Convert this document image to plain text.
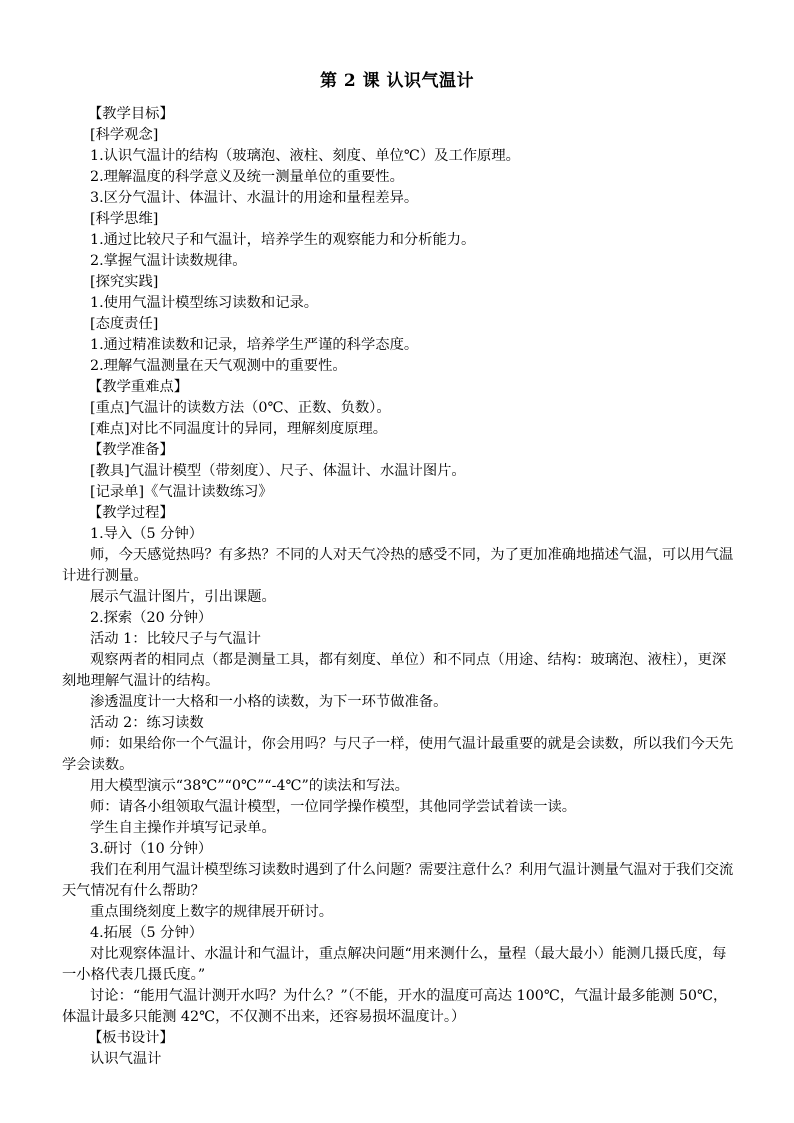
第 2 课 认识气温计
【教学目标】
[科学观念]
1.认识气温计的结构（玻璃泡、液柱、刻度、单位℃）及工作原理。
2.理解温度的科学意义及统一测量单位的重要性。
3.区分气温计、体温计、水温计的用途和量程差异。
[科学思维]
1.通过比较尺子和气温计，培养学生的观察能力和分析能力。
2.掌握气温计读数规律。
[探究实践]
1.使用气温计模型练习读数和记录。
[态度责任]
1.通过精准读数和记录，培养学生严谨的科学态度。
2.理解气温测量在天气观测中的重要性。
【教学重难点】
[重点]气温计的读数方法（0℃、正数、负数）。
[难点]对比不同温度计的异同，理解刻度原理。
【教学准备】
[教具]气温计模型（带刻度）、尺子、体温计、水温计图片。
[记录单]《气温计读数练习》
【教学过程】
1.导入（5 分钟）
师，今天感觉热吗？有多热？不同的人对天气冷热的感受不同，为了更加准确地描述气温，可以用气温计进行测量。
展示气温计图片，引出课题。
2.探索（20 分钟）
活动 1：比较尺子与气温计
观察两者的相同点（都是测量工具，都有刻度、单位）和不同点（用途、结构：玻璃泡、液柱），更深刻地理解气温计的结构。
渗透温度计一大格和一小格的读数，为下一环节做准备。
活动 2：练习读数
师：如果给你一个气温计，你会用吗？与尺子一样，使用气温计最重要的就是会读数，所以我们今天先学会读数。
用大模型演示“38℃”“0℃”“-4℃”的读法和写法。
师：请各小组领取气温计模型，一位同学操作模型，其他同学尝试着读一读。
学生自主操作并填写记录单。
3.研讨（10 分钟）
我们在利用气温计模型练习读数时遇到了什么问题？需要注意什么？利用气温计测量气温对于我们交流天气情况有什么帮助？
重点围绕刻度上数字的规律展开研讨。
4.拓展（5 分钟）
对比观察体温计、水温计和气温计，重点解决问题“用来测什么，量程（最大最小）能测几摄氏度，每一小格代表几摄氏度。”
讨论：“能用气温计测开水吗？为什么？”（不能，开水的温度可高达 100℃，气温计最多能测 50℃，体温计最多只能测 42℃，不仅测不出来，还容易损坏温度计。）
【板书设计】
认识气温计
